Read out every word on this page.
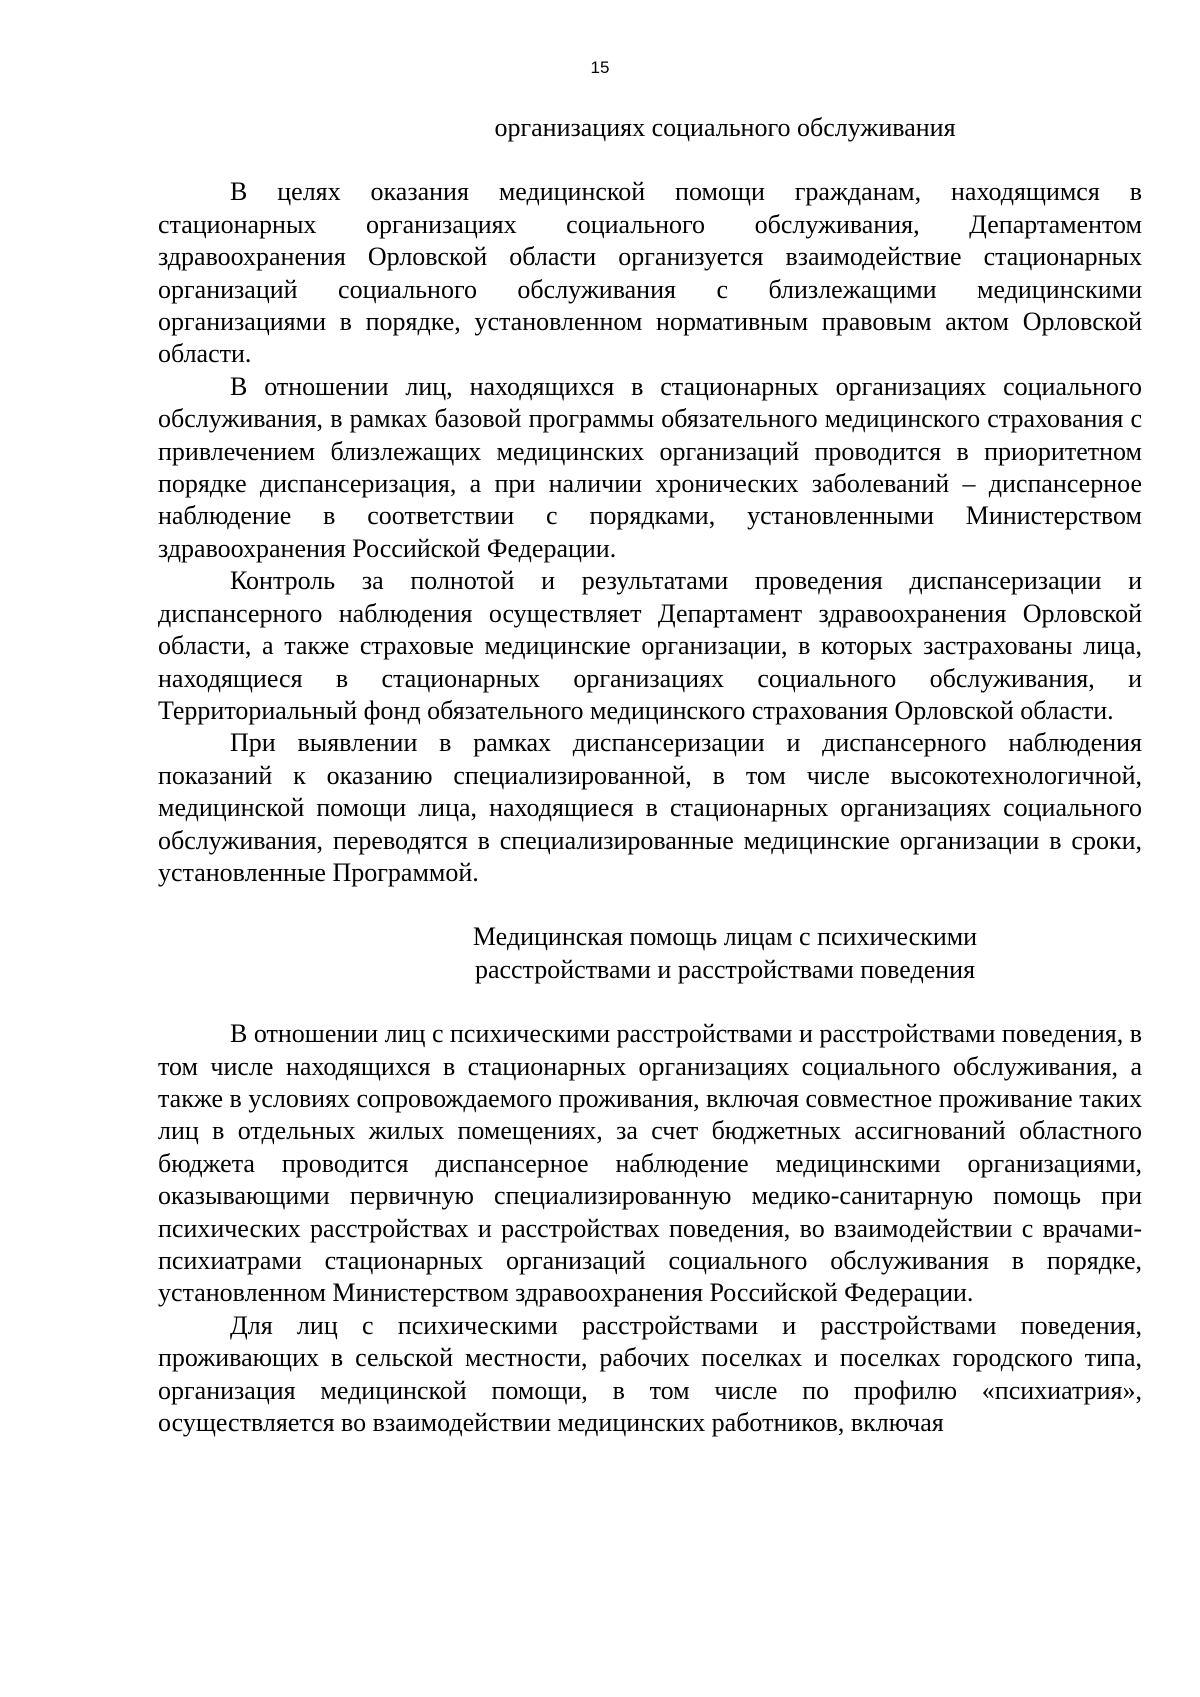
15
организациях социального обслуживания

В целях оказания медицинской помощи гражданам, находящимся в стационарных организациях социального обслуживания, Департаментом здравоохранения Орловской области организуется взаимодействие стационарных организаций социального обслуживания с близлежащими медицинскими организациями в порядке, установленном нормативным правовым актом Орловской области.

В отношении лиц, находящихся в стационарных организациях социального обслуживания, в рамках базовой программы обязательного медицинского страхования с привлечением близлежащих медицинских организаций проводится в приоритетном порядке диспансеризация, а при наличии хронических заболеваний – диспансерное наблюдение в соответствии с порядками, установленными Министерством здравоохранения Российской Федерации.

Контроль за полнотой и результатами проведения диспансеризации и диспансерного наблюдения осуществляет Департамент здравоохранения Орловской области, а также страховые медицинские организации, в которых застрахованы лица, находящиеся в стационарных организациях социального обслуживания, и Территориальный фонд обязательного медицинского страхования Орловской области.

При выявлении в рамках диспансеризации и диспансерного наблюдения показаний к оказанию специализированной, в том числе высокотехнологичной, медицинской помощи лица, находящиеся в стационарных организациях социального обслуживания, переводятся в специализированные медицинские организации в сроки, установленные Программой.

Медицинская помощь лицам с психическими
расстройствами и расстройствами поведения

В отношении лиц с психическими расстройствами и расстройствами поведения, в том числе находящихся в стационарных организациях социального обслуживания, а также в условиях сопровождаемого проживания, включая совместное проживание таких лиц в отдельных жилых помещениях, за счет бюджетных ассигнований областного бюджета проводится диспансерное наблюдение медицинскими организациями, оказывающими первичную специализированную медико-санитарную помощь при психических расстройствах и расстройствах поведения, во взаимодействии с врачами-психиатрами стационарных организаций социального обслуживания в порядке, установленном Министерством здравоохранения Российской Федерации.

Для лиц с психическими расстройствами и расстройствами поведения, проживающих в сельской местности, рабочих поселках и поселках городского типа, организация медицинской помощи, в том числе по профилю «психиатрия», осуществляется во взаимодействии медицинских работников, включая
